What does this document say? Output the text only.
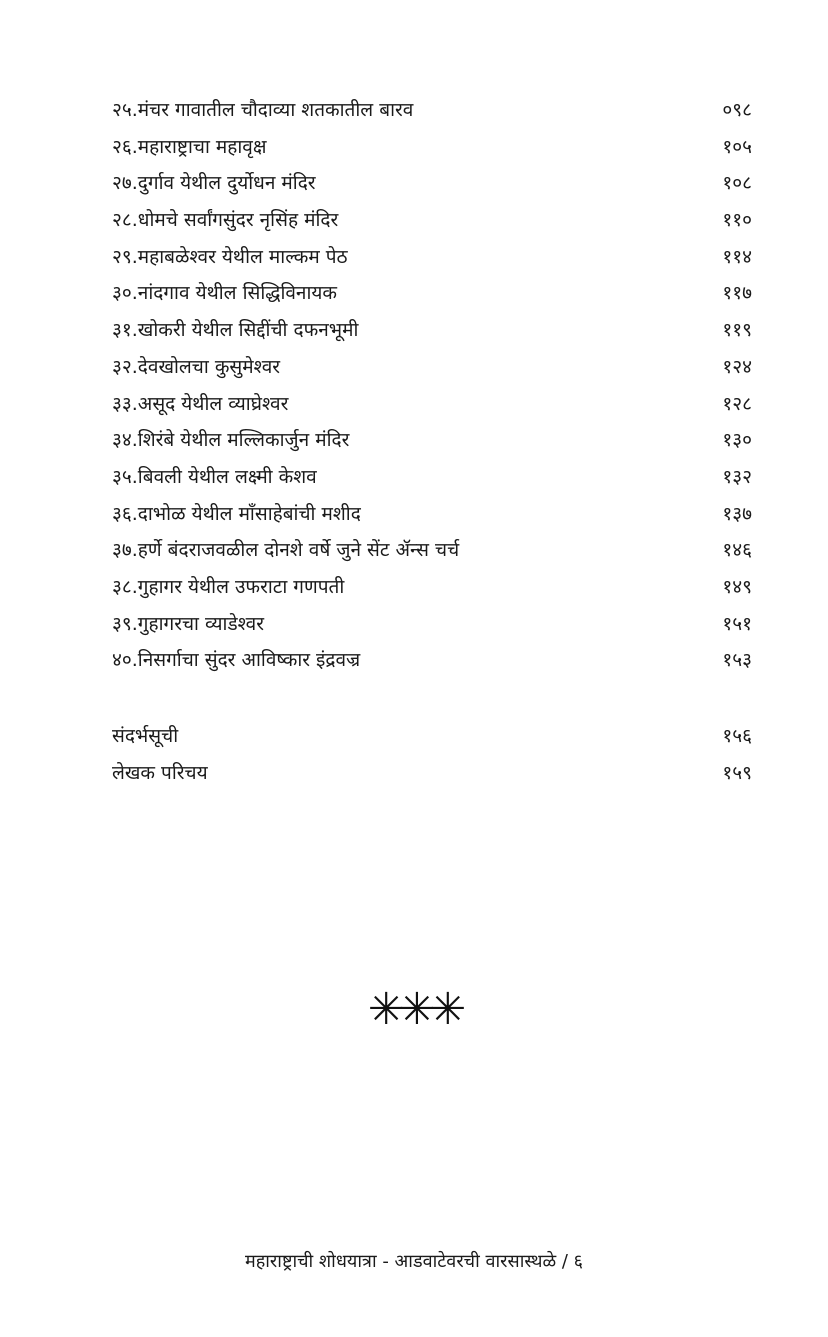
२५.मंचर गावातील चौदाव्या शतकातील बारव	०९८
२६.महाराष्ट्राचा महावृक्ष	१०५
२७.दुर्गाव येथील दुर्योधन मंदिर	१०८
२८.धोमचे सर्वांगसुंदर नृसिंह मंदिर	११०
२९.महाबळेश्वर येथील माल्कम पेठ	११४
३०.नांदगाव येथील सिद्धिविनायक	११७
३१.खोकरी येथील सिद्दींची दफनभूमी	११९
३२.देवखोलचा कुसुमेश्वर	१२४
३३.असूद येथील व्याघ्रेश्वर	१२८
३४.शिरंबे येथील मल्लिकार्जुन मंदिर	१३०
३५.बिवली येथील लक्ष्मी केशव	१३२
३६.दाभोळ येथील माँसाहेबांची मशीद	१३७
३७.हर्णे बंदराजवळील दोनशे वर्षे जुने सेंट ॲन्स चर्च	१४६
३८.गुहागर येथील उफराटा गणपती	१४९
३९.गुहागरचा व्याडेश्वर	१५१
४०.निसर्गाचा सुंदर आविष्कार इंद्रवज्र	१५३
संदर्भसूची	१५६
लेखक परिचय	१५९
✳✳✳
महाराष्ट्राची शोधयात्रा - आडवाटेवरची वारसास्थळे / ६
